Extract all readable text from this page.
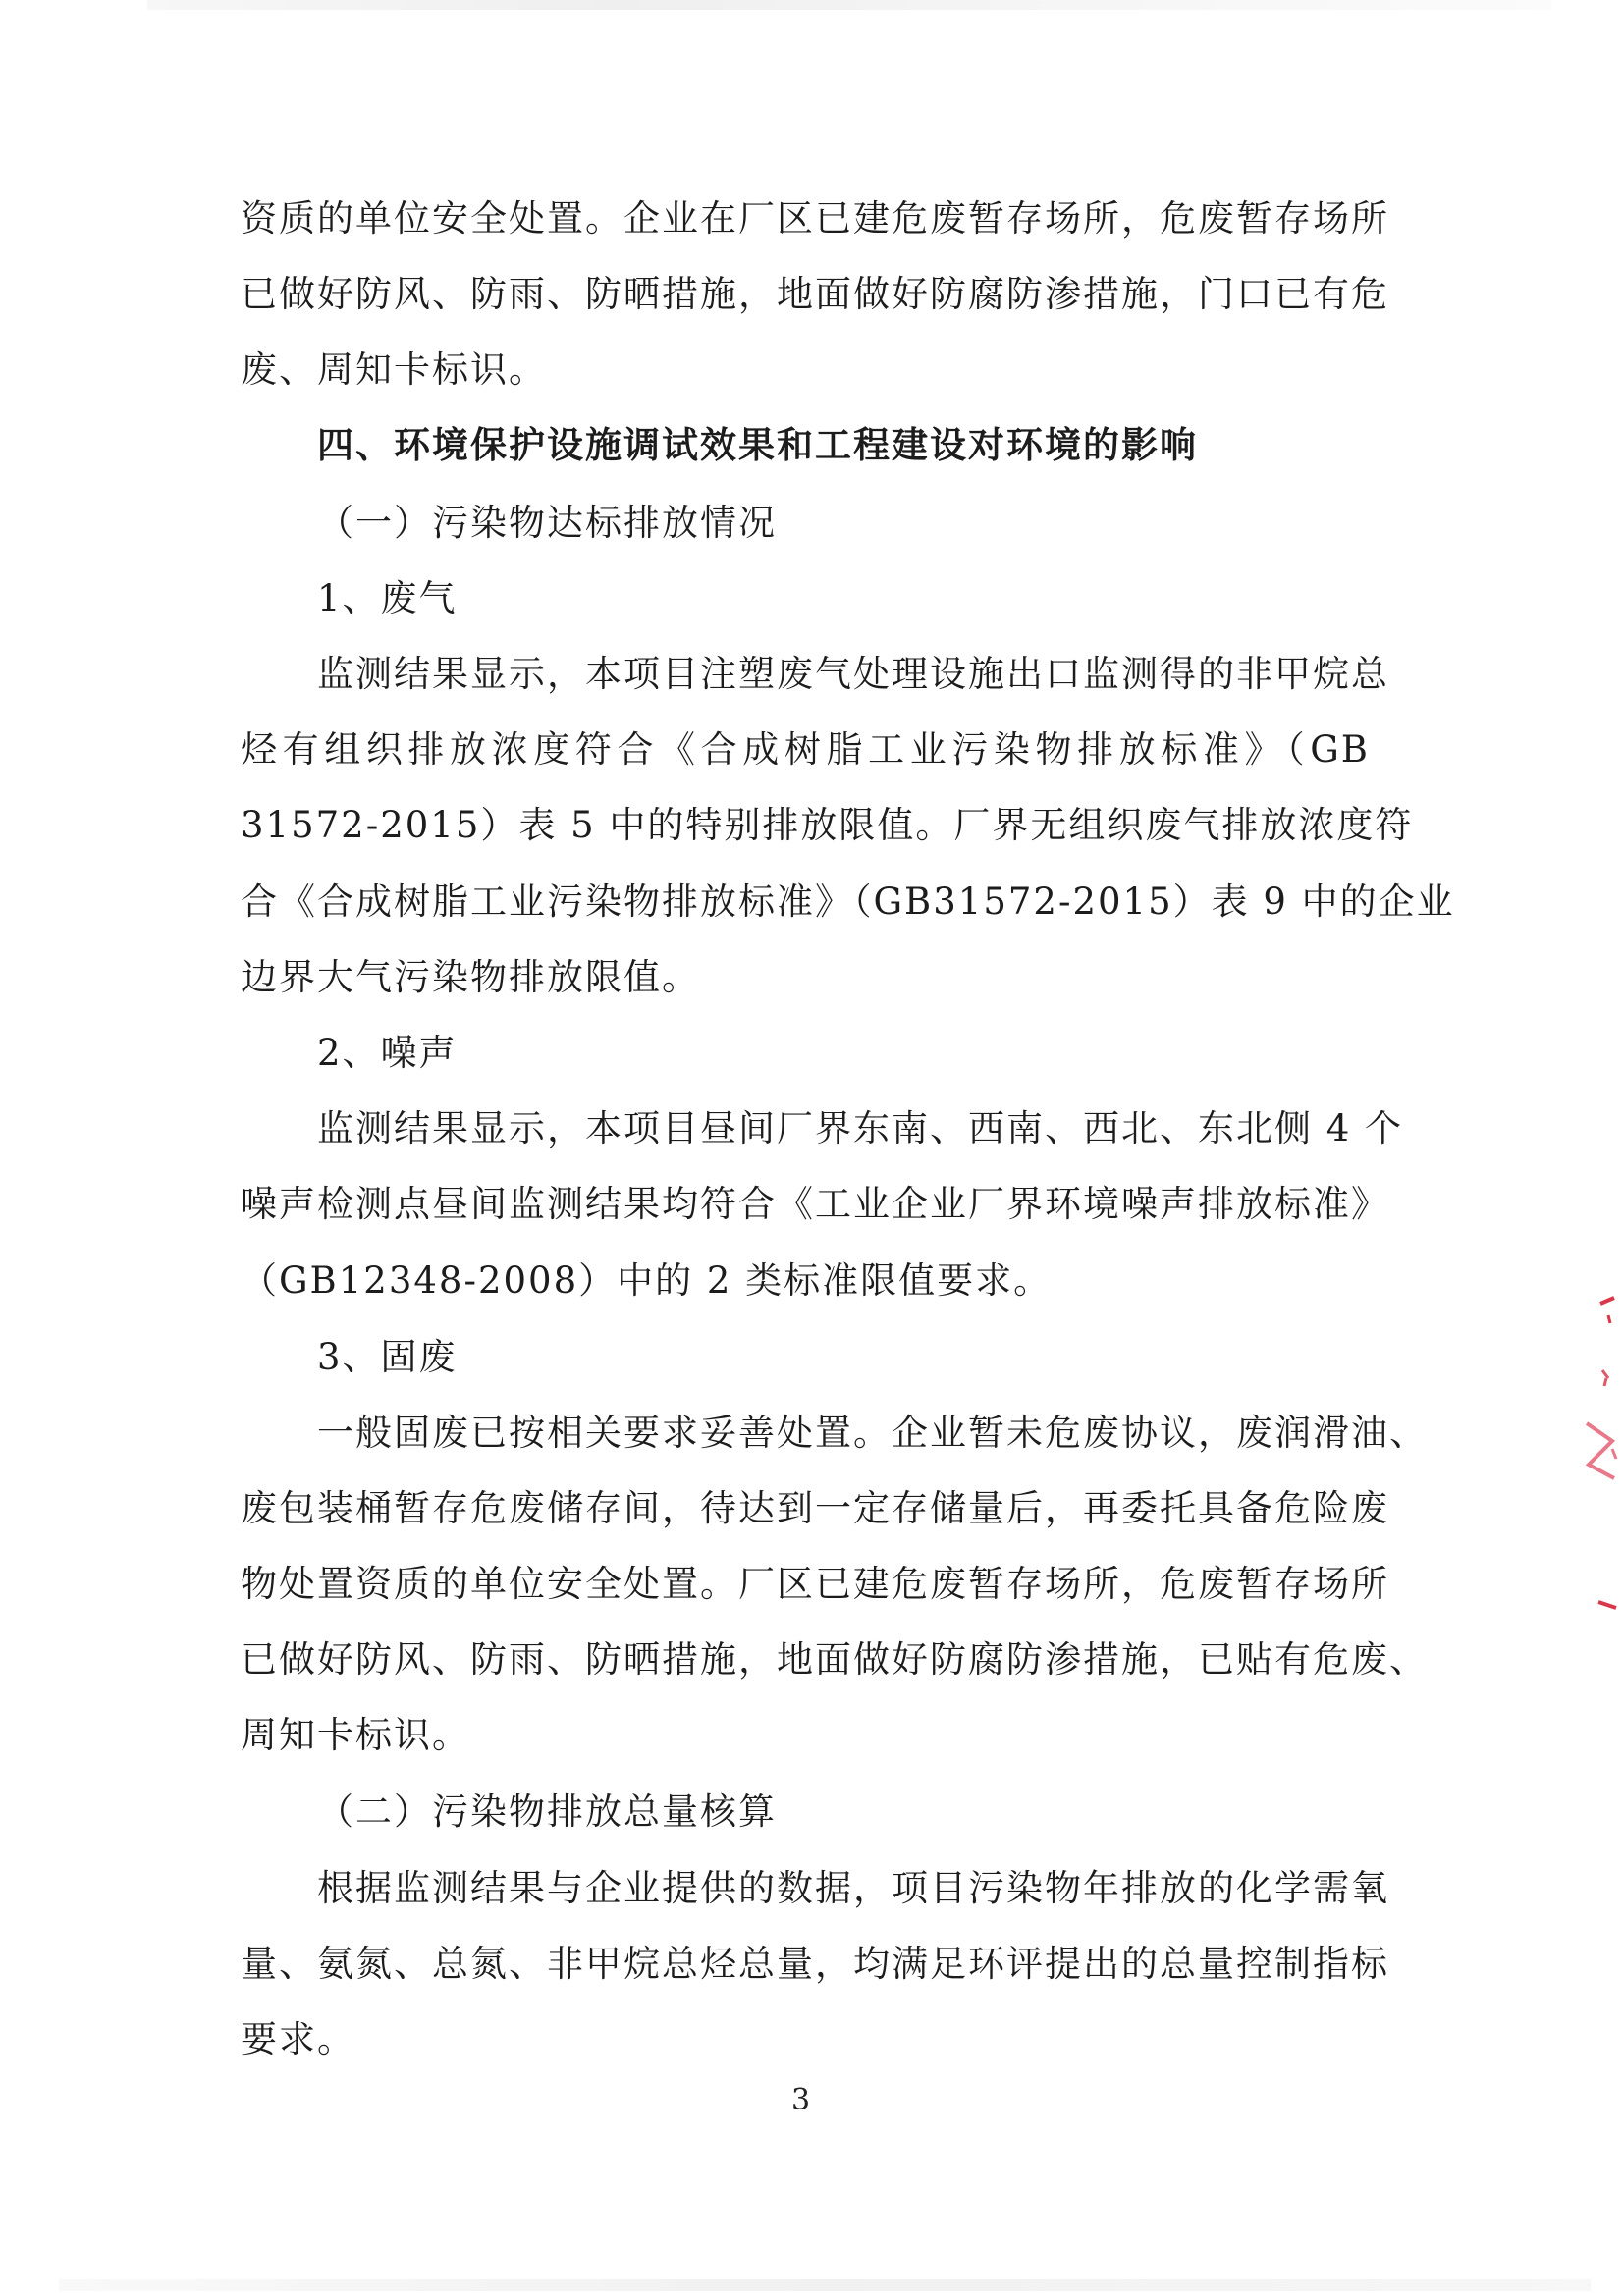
资质的单位安全处置。企业在厂区已建危废暂存场所，危废暂存场所

已做好防风、防雨、防晒措施，地面做好防腐防渗措施，门口已有危

废、周知卡标识。

四、环境保护设施调试效果和工程建设对环境的影响

（一）污染物达标排放情况

1、废气

监测结果显示，本项目注塑废气处理设施出口监测得的非甲烷总

烃有组织排放浓度符合《合成树脂工业污染物排放标准》（GB

31572-2015）表 5 中的特别排放限值。厂界无组织废气排放浓度符

合《合成树脂工业污染物排放标准》（GB31572-2015）表 9 中的企业

边界大气污染物排放限值。

2、噪声

监测结果显示，本项目昼间厂界东南、西南、西北、东北侧 4 个

噪声检测点昼间监测结果均符合《工业企业厂界环境噪声排放标准》

（GB12348-2008）中的 2 类标准限值要求。

3、固废

一般固废已按相关要求妥善处置。企业暂未危废协议，废润滑油、

废包装桶暂存危废储存间，待达到一定存储量后，再委托具备危险废

物处置资质的单位安全处置。厂区已建危废暂存场所，危废暂存场所

已做好防风、防雨、防晒措施，地面做好防腐防渗措施，已贴有危废、

周知卡标识。

（二）污染物排放总量核算

根据监测结果与企业提供的数据，项目污染物年排放的化学需氧

量、氨氮、总氮、非甲烷总烃总量，均满足环评提出的总量控制指标

要求。

3
